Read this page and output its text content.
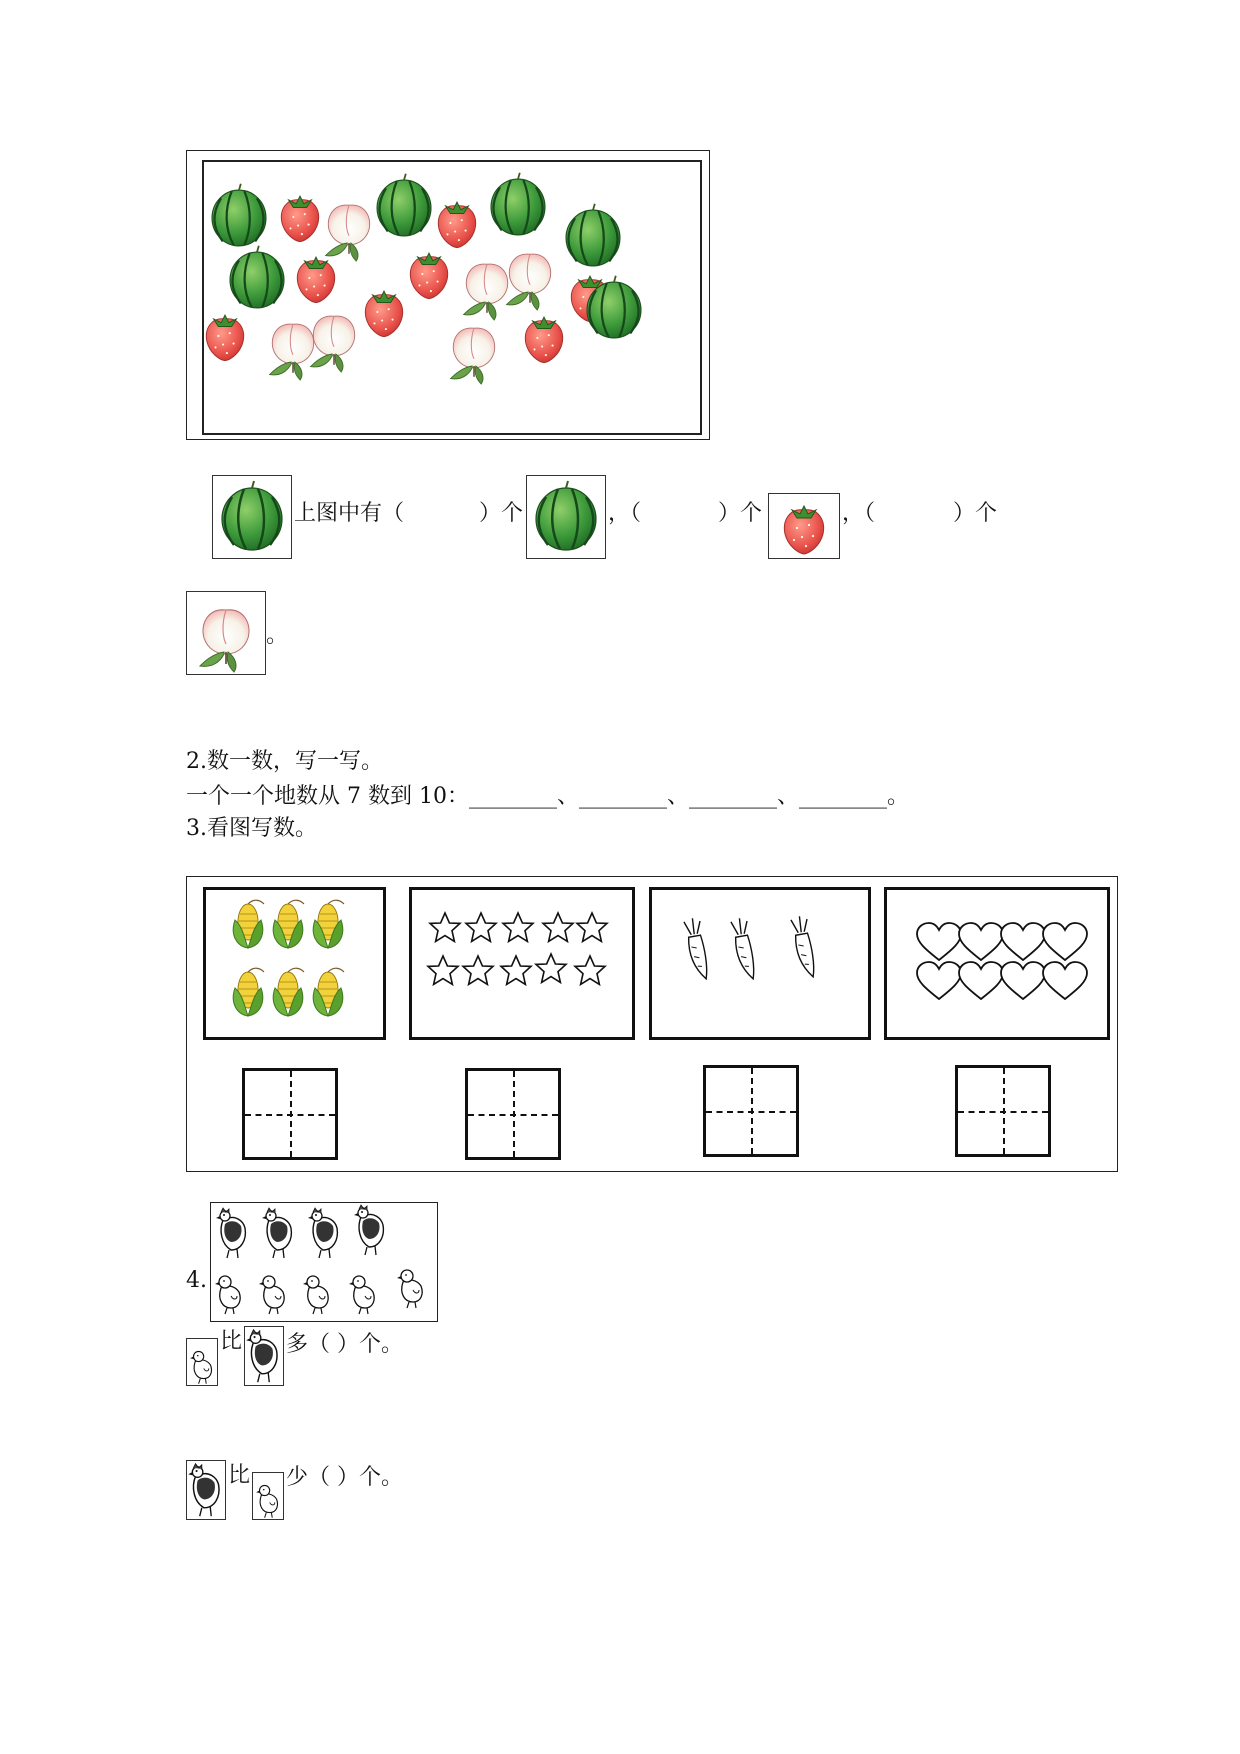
上图中有（	）个	，（	）个	，（	）个
。
2.数一数，写一写。
一个一个地数从 7 数到 10：________、________、________、________。
3.看图写数。
4.
比 多（ ）个。
比 少（ ）个。
